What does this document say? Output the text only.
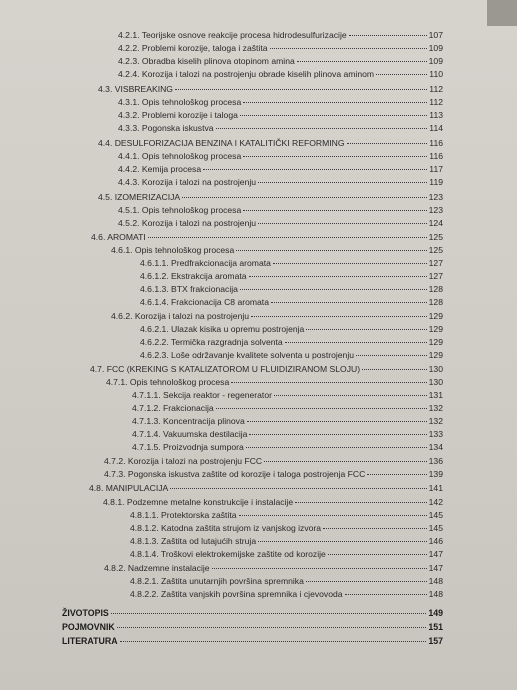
4.2.1. Teorijske osnove reakcije procesa hidrodesulfurizacije	107
4.2.2. Problemi korozije, taloga i zaštita	109
4.2.3. Obradba kiselih plinova otopinom amina	109
4.2.4. Korozija i talozi na postrojenju obrade kiselih plinova aminom	110
4.3. VISBREAKING	112
4.3.1. Opis tehnološkog procesa	112
4.3.2. Problemi korozije i taloga	113
4.3.3. Pogonska iskustva	114
4.4. DESULFORIZACIJA BENZINA I KATALITIČKI REFORMING	116
4.4.1. Opis tehnološkog procesa	116
4.4.2. Kemija procesa	117
4.4.3. Korozija i talozi na postrojenju	119
4.5. IZOMERIZACIJA	123
4.5.1. Opis tehnološkog procesa	123
4.5.2. Korozija i talozi na postrojenju	124
4.6. AROMATI	125
4.6.1. Opis tehnološkog procesa	125
4.6.1.1. Predfrakcionacija aromata	127
4.6.1.2. Ekstrakcija aromata	127
4.6.1.3. BTX frakcionacija	128
4.6.1.4. Frakcionacija C8 aromata	128
4.6.2. Korozija i talozi na postrojenju	129
4.6.2.1. Ulazak kisika u opremu postrojenja	129
4.6.2.2. Termička razgradnja solventa	129
4.6.2.3. Loše održavanje kvalitete solventa u postrojenju	129
4.7. FCC (KREKING S KATALIZATOROM U FLUIDIZIRANOM SLOJU)	130
4.7.1. Opis tehnološkog procesa	130
4.7.1.1. Sekcija reaktor - regenerator	131
4.7.1.2. Frakcionacija	132
4.7.1.3. Koncentracija plinova	132
4.7.1.4. Vakuumska destilacija	133
4.7.1.5. Proizvodnja sumpora	134
4.7.2. Korozija i talozi na postrojenju FCC	136
4.7.3. Pogonska iskustva zaštite od korozije i taloga postrojenja FCC	139
4.8. MANIPULACIJA	141
4.8.1. Podzemne metalne konstrukcije i instalacije	142
4.8.1.1. Protektorska zaštita	145
4.8.1.2. Katodna zaštita strujom iz vanjskog izvora	145
4.8.1.3. Zaštita od lutajućih struja	146
4.8.1.4. Troškovi elektrokemijske zaštite od korozije	147
4.8.2. Nadzemne instalacije	147
4.8.2.1. Zaštita unutarnjih površina spremnika	148
4.8.2.2. Zaštita vanjskih površina spremnika i cjevovoda	148
ŽIVOTOPIS	149
POJMOVNIK	151
LITERATURA	157
